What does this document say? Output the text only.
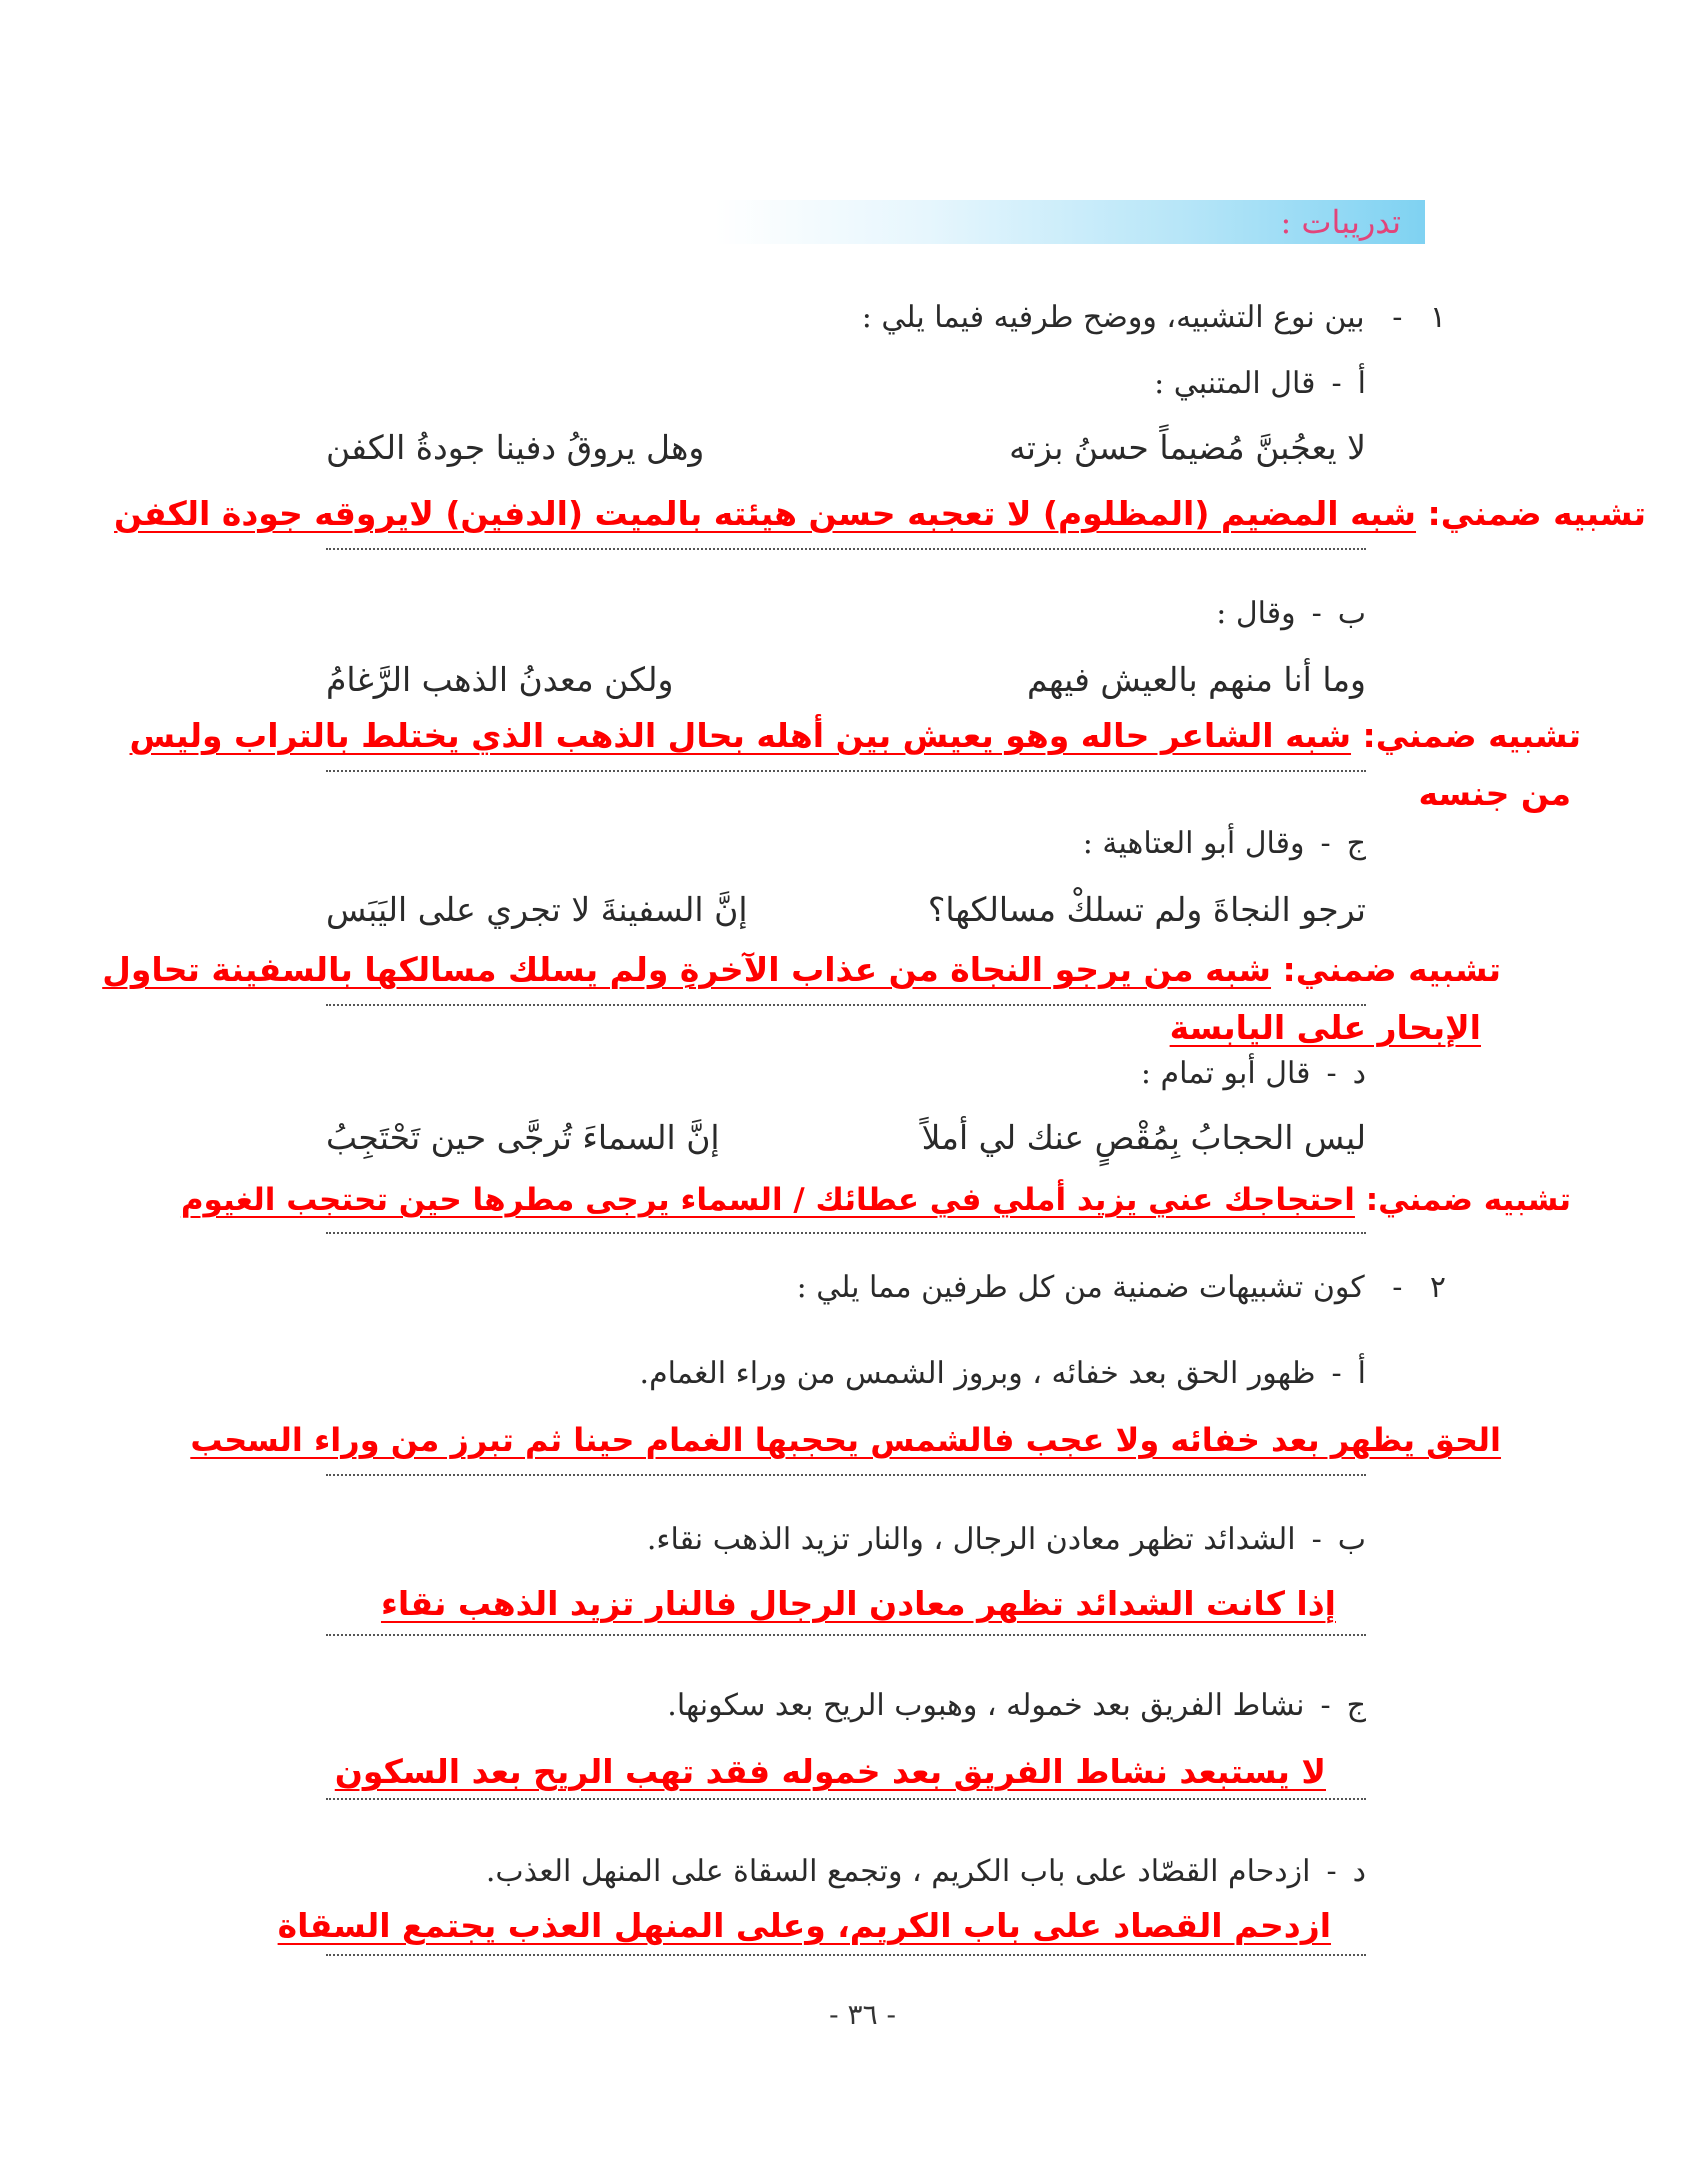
تدريبات :
١ - بين نوع التشبيه، ووضح طرفيه فيما يلي :
أ-قال المتنبي :
لا يعجُبنَّ مُضيماً حسنُ بزته
وهل يروقُ دفينا جودةُ الكفن
تشبيه ضمني: شبه المضيم (المظلوم) لا تعجبه حسن هيئته بالميت (الدفين) لايروقه جودة الكفن
ب-وقال :
وما أنا منهم بالعيش فيهم
ولكن معدنُ الذهب الرَّغامُ
تشبيه ضمني: شبه الشاعر حاله وهو يعيش بين أهله بحال الذهب الذي يختلط بالتراب وليس
من جنسه
ج-وقال أبو العتاهية :
ترجو النجاةَ ولم تسلكْ مسالكها؟
إنَّ السفينةَ لا تجري على اليَبَس
تشبيه ضمني: شبه من يرجو النجاة من عذاب الآخرةِ ولم يسلك مسالكها بالسفينة تحاول
الإبحار على اليابسة
د-قال أبو تمام :
ليس الحجابُ بِمُقْصٍ عنك لي أملاً
إنَّ السماءَ تُرجَّى حين تَحْتَجِبُ
تشبيه ضمني: احتجاجك عني يزيد أملي في عطائك / السماء يرجى مطرها حين تحتجب الغيوم
٢ - كون تشبيهات ضمنية من كل طرفين مما يلي :
أ-ظهور الحق بعد خفائه ، وبروز الشمس من وراء الغمام.
الحق يظهر بعد خفائه ولا عجب فالشمس يحجبها الغمام حينا ثم تبرز من وراء السحب
ب-الشدائد تظهر معادن الرجال ، والنار تزيد الذهب نقاء.
إذا كانت الشدائد تظهر معادن الرجال فالنار تزيد الذهب نقاء
ج-نشاط الفريق بعد خموله ، وهبوب الريح بعد سكونها.
لا يستبعد نشاط الفريق بعد خموله فقد تهب الريح بعد السكون
د-ازدحام القصّاد على باب الكريم ، وتجمع السقاة على المنهل العذب.
ازدحم القصاد على باب الكريم، وعلى المنهل العذب يجتمع السقاة
- ٣٦ -
